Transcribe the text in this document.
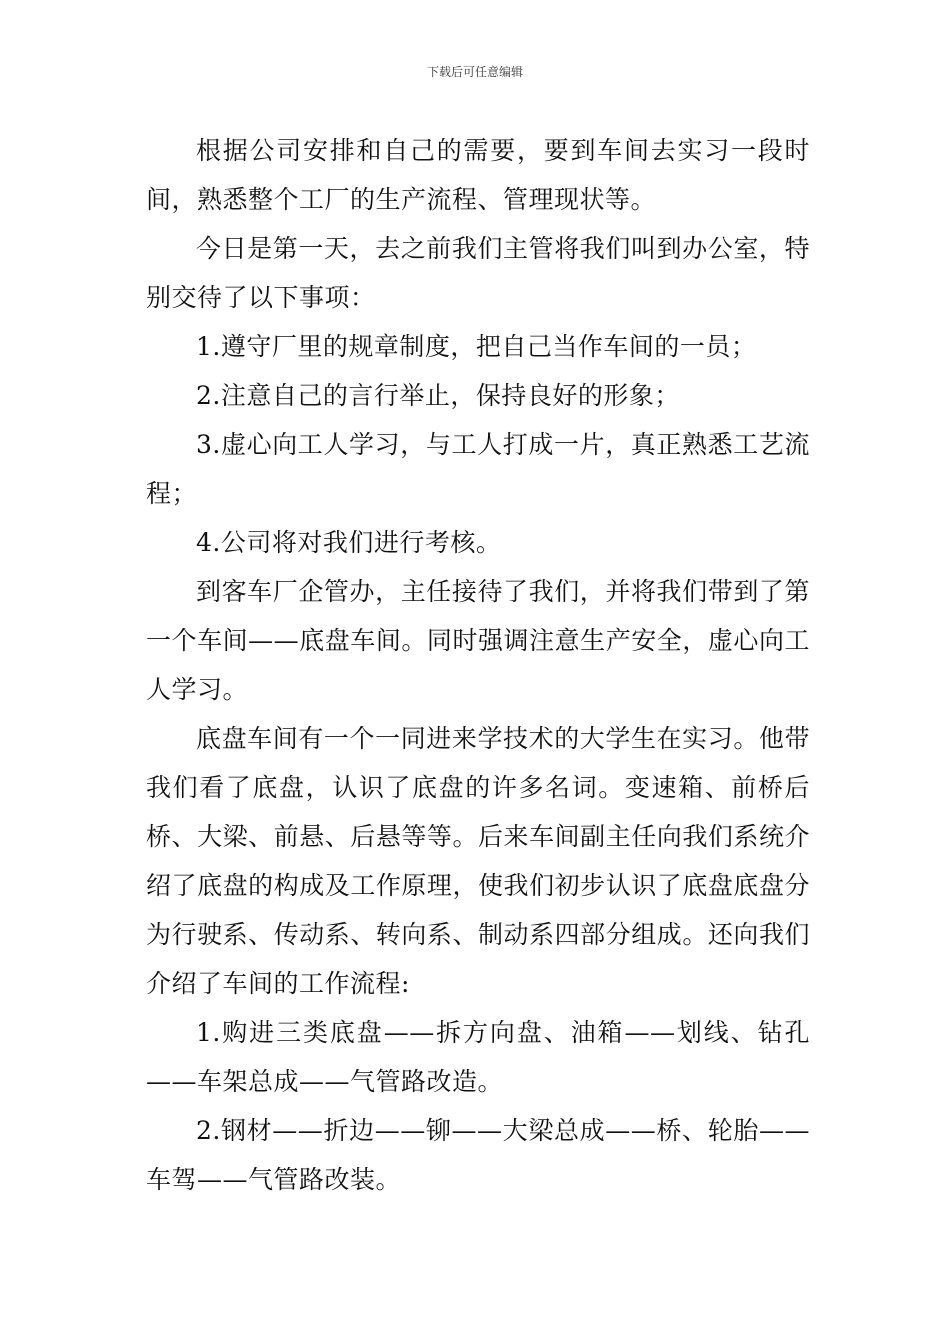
下载后可任意编辑

根据公司安排和自己的需要，要到车间去实习一段时间，熟悉整个工厂的生产流程、管理现状等。

今日是第一天，去之前我们主管将我们叫到办公室，特别交待了以下事项：

1.遵守厂里的规章制度，把自己当作车间的一员；

2.注意自己的言行举止，保持良好的形象；

3.虚心向工人学习，与工人打成一片，真正熟悉工艺流程；

4.公司将对我们进行考核。

到客车厂企管办，主任接待了我们，并将我们带到了第一个车间——底盘车间。同时强调注意生产安全，虚心向工人学习。

底盘车间有一个一同进来学技术的大学生在实习。他带我们看了底盘，认识了底盘的许多名词。变速箱、前桥后桥、大梁、前悬、后悬等等。后来车间副主任向我们系统介绍了底盘的构成及工作原理，使我们初步认识了底盘底盘分为行驶系、传动系、转向系、制动系四部分组成。还向我们介绍了车间的工作流程:

1.购进三类底盘——拆方向盘、油箱——划线、钻孔——车架总成——气管路改造。

2.钢材——折边——铆——大梁总成——桥、轮胎——车驾——气管路改装。
